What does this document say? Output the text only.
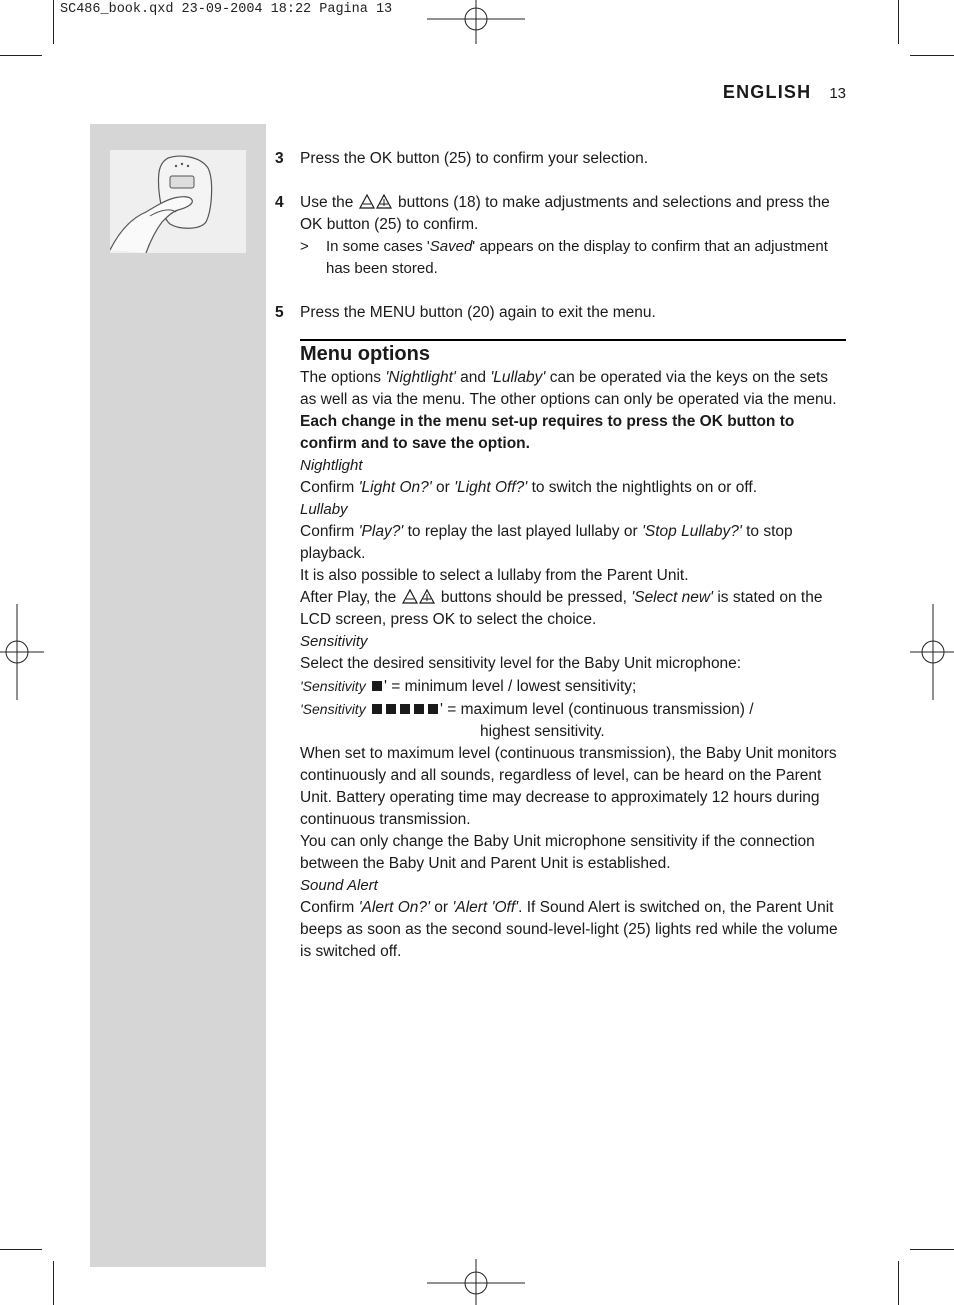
SC486_book.qxd 23-09-2004 18:22 Pagina 13
ENGLISH 13

3 Press the OK button (25) to confirm your selection.

4 Use the	buttons (18) to make adjustments and selections and press the OK button (25) to confirm.

> In some cases 'Saved' appears on the display to confirm that an adjustment has been stored.

5 Press the MENU button (20) again to exit the menu.

Menu options

The options 'Nightlight' and 'Lullaby' can be operated via the keys on the sets as well as via the menu. The other options can only be operated via the menu. Each change in the menu set-up requires to press the OK button to confirm and to save the option.

Nightlight

Confirm 'Light On?' or 'Light Off?' to switch the nightlights on or off.

Lullaby

Confirm 'Play?' to replay the last played lullaby or 'Stop Lullaby?' to stop playback.

It is also possible to select a lullaby from the Parent Unit.

After Play, the	buttons should be pressed, 'Select new' is stated on the LCD screen, press OK to select the choice.

Sensitivity

Select the desired sensitivity level for the Baby Unit microphone:

'Sensitivity ' = minimum level / lowest sensitivity;

'Sensitivity	' = maximum level (continuous transmission) /

highest sensitivity.

When set to maximum level (continuous transmission), the Baby Unit monitors continuously and all sounds, regardless of level, can be heard on the Parent Unit. Battery operating time may decrease to approximately 12 hours during continuous transmission.

You can only change the Baby Unit microphone sensitivity if the connection between the Baby Unit and Parent Unit is established.

Sound Alert

Confirm 'Alert On?' or 'Alert 'Off'. If Sound Alert is switched on, the Parent Unit beeps as soon as the second sound-level-light (25) lights red while the volume is switched off.
